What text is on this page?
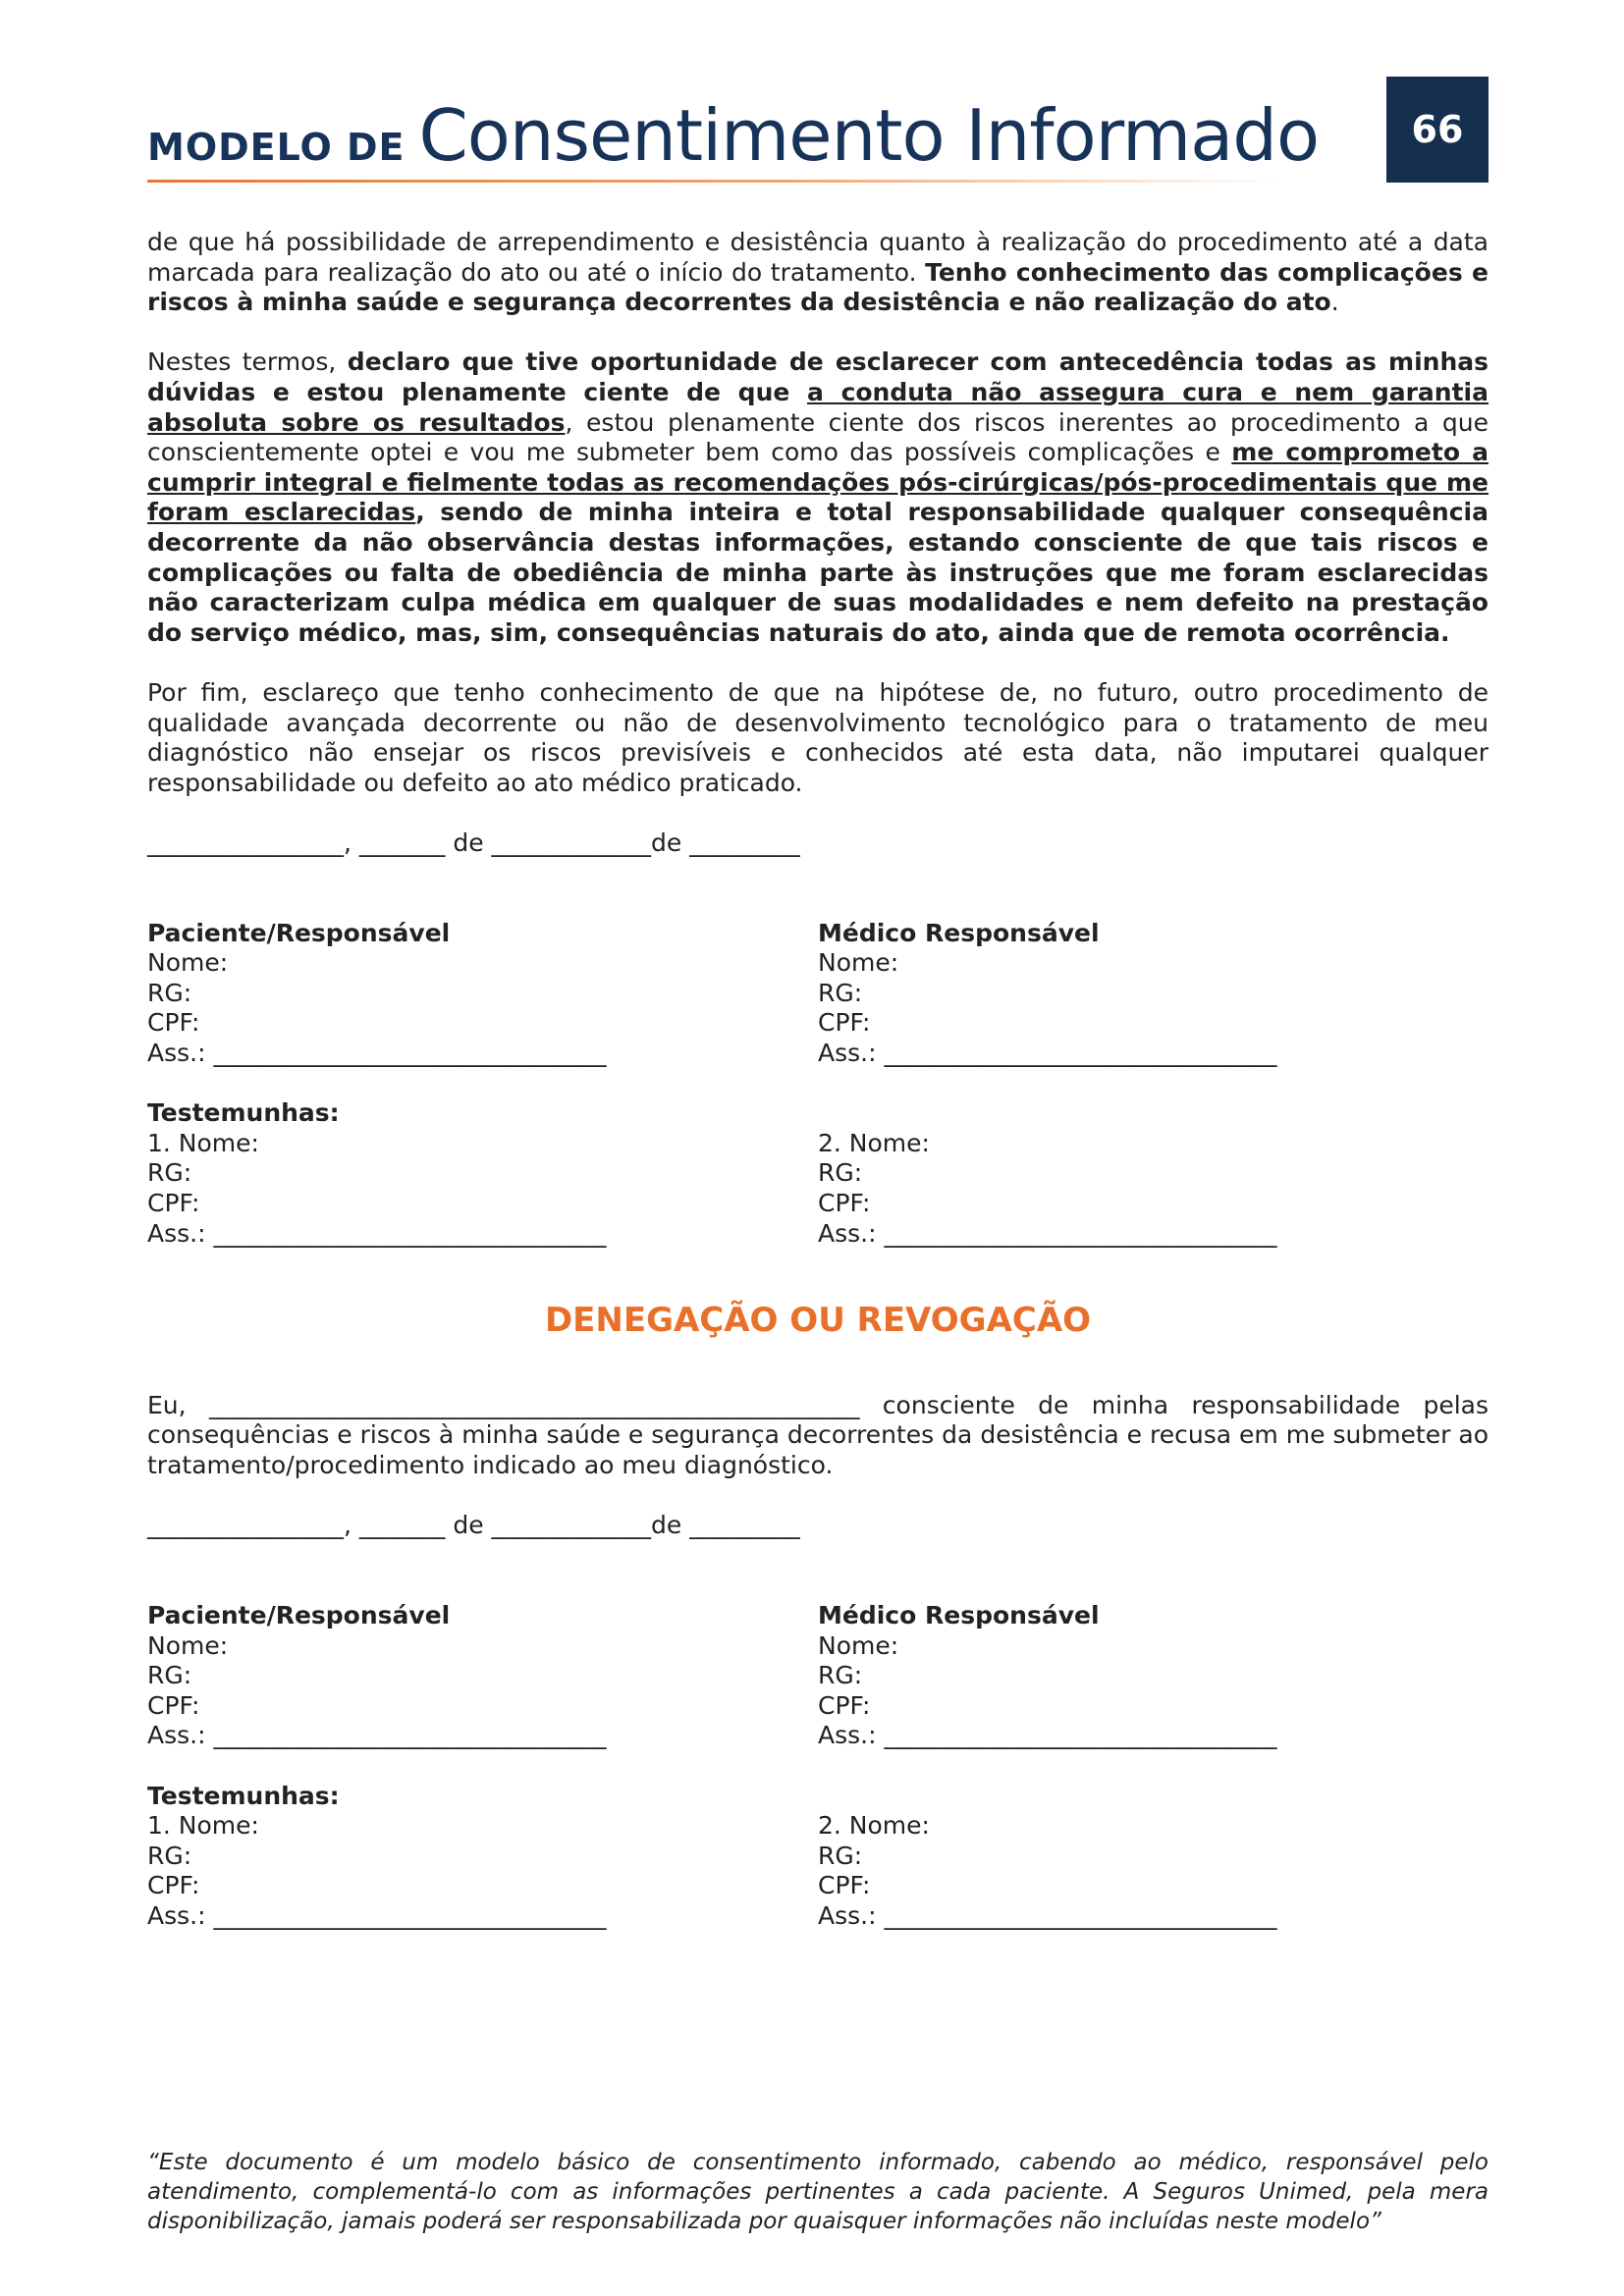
MODELO DE Consentimento Informado	66

de que há possibilidade de arrependimento e desistência quanto à realização do procedimento até a data marcada para realização do ato ou até o início do tratamento. Tenho conhecimento das complicações e riscos à minha saúde e segurança decorrentes da desistência e não realização do ato.

Nestes termos, declaro que tive oportunidade de esclarecer com antecedência todas as minhas dúvidas e estou plenamente ciente de que a conduta não assegura cura e nem garantia absoluta sobre os resultados, estou plenamente ciente dos riscos inerentes ao procedimento a que conscientemente optei e vou me submeter bem como das possíveis complicações e me comprometo a cumprir integral e fielmente todas as recomendações pós-cirúrgicas/pós-procedimentais que me foram esclarecidas, sendo de minha inteira e total responsabilidade qualquer consequência decorrente da não observância destas informações, estando consciente de que tais riscos e complicações ou falta de obediência de minha parte às instruções que me foram esclarecidas não caracterizam culpa médica em qualquer de suas modalidades e nem defeito na prestação do serviço médico, mas, sim, consequências naturais do ato, ainda que de remota ocorrência.

Por fim, esclareço que tenho conhecimento de que na hipótese de, no futuro, outro procedimento de qualidade avançada decorrente ou não de desenvolvimento tecnológico para o tratamento de meu diagnóstico não ensejar os riscos previsíveis e conhecidos até esta data, não imputarei qualquer responsabilidade ou defeito ao ato médico praticado.

________________, _______ de _____________de _________
Paciente/Responsável
Nome:
RG:
CPF:
Ass.: ________________________________
Médico Responsável
Nome:
RG:
CPF:
Ass.: ________________________________
Testemunhas:
1. Nome:
RG:
CPF:
Ass.: ________________________________

2. Nome:
RG:
CPF:
Ass.: ________________________________
DENEGAÇÃO OU REVOGAÇÃO

Eu, _____________________________________________________ consciente de minha responsabilidade pelas consequências e riscos à minha saúde e segurança decorrentes da desistência e recusa em me submeter ao tratamento/procedimento indicado ao meu diagnóstico.

________________, _______ de _____________de _________
Paciente/Responsável
Nome:
RG:
CPF:
Ass.: ________________________________
Médico Responsável
Nome:
RG:
CPF:
Ass.: ________________________________
Testemunhas:
1. Nome:
RG:
CPF:
Ass.: ________________________________

2. Nome:
RG:
CPF:
Ass.: ________________________________
“Este documento é um modelo básico de consentimento informado, cabendo ao médico, responsável pelo atendimento, complementá-lo com as informações pertinentes a cada paciente. A Seguros Unimed, pela mera disponibilização, jamais poderá ser responsabilizada por quaisquer informações não incluídas neste modelo”
